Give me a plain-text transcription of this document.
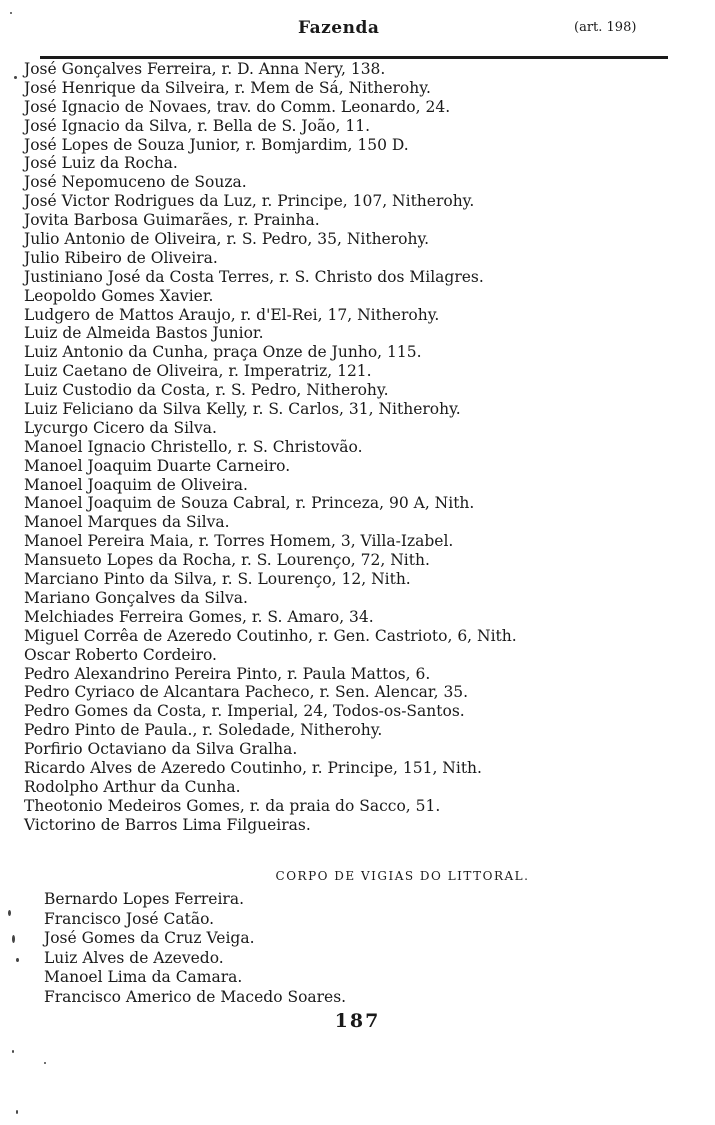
Fazenda	(art. 198)
José Gonçalves Ferreira, r. D. Anna Nery, 138.
José Henrique da Silveira, r. Mem de Sá, Nitherohy.
José Ignacio de Novaes, trav. do Comm. Leonardo, 24.
José Ignacio da Silva, r. Bella de S. João, 11.
José Lopes de Souza Junior, r. Bomjardim, 150 D.
José Luiz da Rocha.
José Nepomuceno de Souza.
José Victor Rodrigues da Luz, r. Principe, 107, Nitherohy.
Jovita Barbosa Guimarães, r. Prainha.
Julio Antonio de Oliveira, r. S. Pedro, 35, Nitherohy.
Julio Ribeiro de Oliveira.
Justiniano José da Costa Terres, r. S. Christo dos Milagres.
Leopoldo Gomes Xavier.
Ludgero de Mattos Araujo, r. d'El-Rei, 17, Nitherohy.
Luiz de Almeida Bastos Junior.
Luiz Antonio da Cunha, praça Onze de Junho, 115.
Luiz Caetano de Oliveira, r. Imperatriz, 121.
Luiz Custodio da Costa, r. S. Pedro, Nitherohy.
Luiz Feliciano da Silva Kelly, r. S. Carlos, 31, Nitherohy.
Lycurgo Cicero da Silva.
Manoel Ignacio Christello, r. S. Christovão.
Manoel Joaquim Duarte Carneiro.
Manoel Joaquim de Oliveira.
Manoel Joaquim de Souza Cabral, r. Princeza, 90 A, Nith.
Manoel Marques da Silva.
Manoel Pereira Maia, r. Torres Homem, 3, Villa-Izabel.
Mansueto Lopes da Rocha, r. S. Lourenço, 72, Nith.
Marciano Pinto da Silva, r. S. Lourenço, 12, Nith.
Mariano Gonçalves da Silva.
Melchiades Ferreira Gomes, r. S. Amaro, 34.
Miguel Corrêa de Azeredo Coutinho, r. Gen. Castrioto, 6, Nith.
Oscar Roberto Cordeiro.
Pedro Alexandrino Pereira Pinto, r. Paula Mattos, 6.
Pedro Cyriaco de Alcantara Pacheco, r. Sen. Alencar, 35.
Pedro Gomes da Costa, r. Imperial, 24, Todos-os-Santos.
Pedro Pinto de Paula., r. Soledade, Nitherohy.
Porfirio Octaviano da Silva Gralha.
Ricardo Alves de Azeredo Coutinho, r. Principe, 151, Nith.
Rodolpho Arthur da Cunha.
Theotonio Medeiros Gomes, r. da praia do Sacco, 51.
Victorino de Barros Lima Filgueiras.
CORPO DE VIGIAS DO LITTORAL.
Bernardo Lopes Ferreira.
Francisco José Catão.
José Gomes da Cruz Veiga.
Luiz Alves de Azevedo.
Manoel Lima da Camara.
Francisco Americo de Macedo Soares.
187
